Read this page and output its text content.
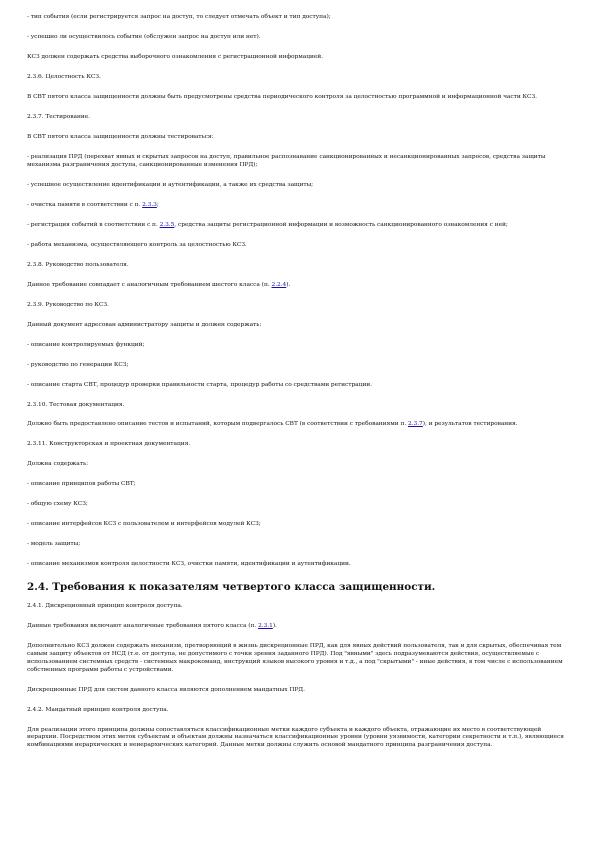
- тип события (если регистрируется запрос на доступ, то следует отмечать объект и тип доступа);

- успешно ли осуществилось событие (обслужен запрос на доступ или нет).

КСЗ должен содержать средства выборочного ознакомления с регистрационной информацией.

2.3.6. Целостность КСЗ.

В СВТ пятого класса защищенности должны быть предусмотрены средства периодического контроля за целостностью программной и информационной части КСЗ.

2.3.7. Тестирование.

В СВТ пятого класса защищенности должны тестироваться:

- реализация ПРД (перехват явных и скрытых запросов на доступ, правильное распознавание санкционированных и несанкционированных запросов, средства защиты механизма разграничения доступа, санкционированные изменения ПРД);

- успешное осуществление идентификации и аутентификации, а также их средства защиты;

- очистка памяти в соответствии с п. 2.3.3;

- регистрация событий в соответствии с п. 2.3.5, средства защиты регистрационной информации и возможность санкционированного ознакомления с ней;

- работа механизма, осуществляющего контроль за целостностью КСЗ.

2.3.8. Руководство пользователя.

Данное требование совпадает с аналогичным требованием шестого класса (п. 2.2.4).

2.3.9. Руководство по КСЗ.

Данный документ адресован администратору защиты и должен содержать:

- описание контролируемых функций;

- руководство по генерации КСЗ;

- описание старта СВТ, процедур проверки правильности старта, процедур работы со средствами регистрации.

2.3.10. Тестовая документация.

Должно быть предоставлено описание тестов и испытаний, которым подвергалось СВТ (в соответствии с требованиями п. 2.3.7), и результатов тестирования.

2.3.11. Конструкторская и проектная документация.

Должна содержать:

- описание принципов работы СВТ;

- общую схему КСЗ;

- описание интерфейсов КСЗ с пользователем и интерфейсов модулей КСЗ;

- модель защиты;

- описание механизмов контроля целостности КСЗ, очистки памяти, идентификации и аутентификации.

2.4. Требования к показателям четвертого класса защищенности.

2.4.1. Дискреционный принцип контроля доступа.

Данные требования включают аналогичные требования пятого класса (п. 2.3.1).

Дополнительно КСЗ должен содержать механизм, претворяющий в жизнь дискреционные ПРД, как для явных действий пользователя, так и для скрытых, обеспечивая тем самым защиту объектов от НСД (т.е. от доступа, не допустимого с точки зрения заданного ПРД). Под "явными" здесь подразумеваются действия, осуществляемые с использованием системных средств - системных макрокоманд, инструкций языков высокого уровня и т.д., а под "скрытыми" - иные действия, в том числе с использованием собственных программ работы с устройствами.

Дискреционные ПРД для систем данного класса являются дополнением мандатных ПРД.

2.4.2. Мандатный принцип контроля доступа.

Для реализации этого принципа должны сопоставляться классификационные метки каждого субъекта и каждого объекта, отражающие их место в соответствующей иерархии. Посредством этих меток субъектам и объектам должны назначаться классификационные уровни (уровни уязвимости, категории секретности и т.п.), являющиеся комбинациями иерархических и неиерархических категорий. Данные метки должны служить основой мандатного принципа разграничения доступа.
